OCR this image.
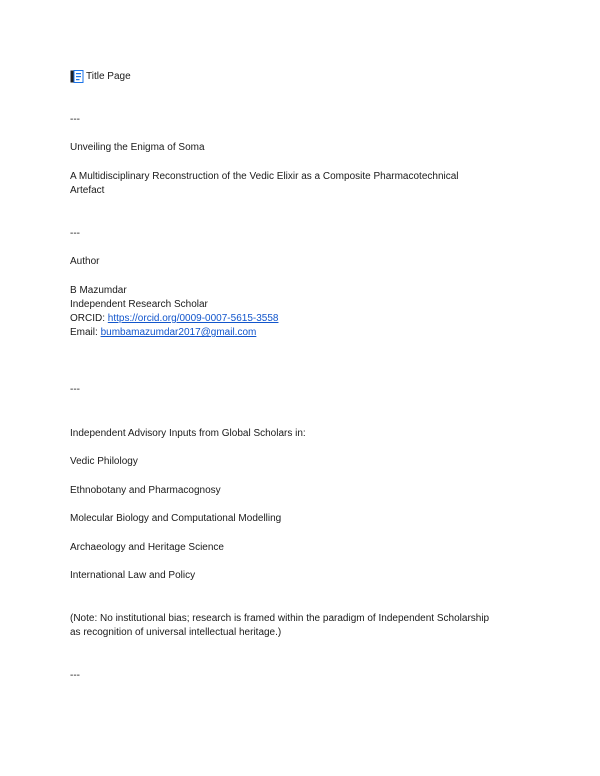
Title Page
---
Unveiling the Enigma of Soma
A Multidisciplinary Reconstruction of the Vedic Elixir as a Composite Pharmacotechnical
Artefact
---
Author
B Mazumdar
Independent Research Scholar
ORCID: https://orcid.org/0009-0007-5615-3558
Email: bumbamazumdar2017@gmail.com
---
Independent Advisory Inputs from Global Scholars in:
Vedic Philology
Ethnobotany and Pharmacognosy
Molecular Biology and Computational Modelling
Archaeology and Heritage Science
International Law and Policy
(Note: No institutional bias; research is framed within the paradigm of Independent Scholarship
as recognition of universal intellectual heritage.)
---
